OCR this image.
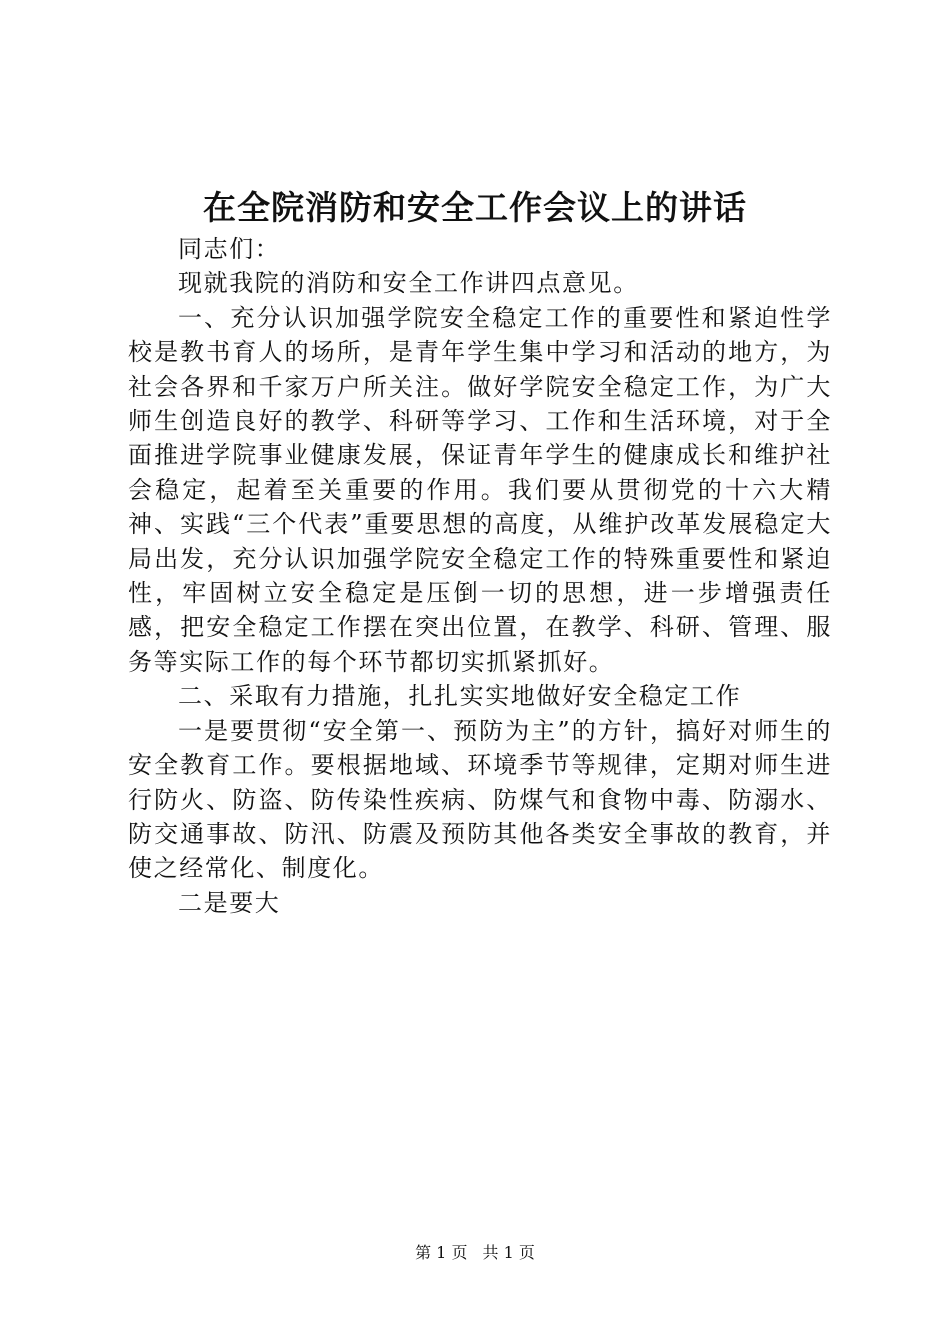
在全院消防和安全工作会议上的讲话

同志们：

现就我院的消防和安全工作讲四点意见。

一、充分认识加强学院安全稳定工作的重要性和紧迫性学校是教书育人的场所，是青年学生集中学习和活动的地方，为社会各界和千家万户所关注。做好学院安全稳定工作，为广大师生创造良好的教学、科研等学习、工作和生活环境，对于全面推进学院事业健康发展，保证青年学生的健康成长和维护社会稳定，起着至关重要的作用。我们要从贯彻党的十六大精神、实践“三个代表”重要思想的高度，从维护改革发展稳定大局出发，充分认识加强学院安全稳定工作的特殊重要性和紧迫性，牢固树立安全稳定是压倒一切的思想，进一步增强责任感，把安全稳定工作摆在突出位置，在教学、科研、管理、服务等实际工作的每个环节都切实抓紧抓好。

二、采取有力措施，扎扎实实地做好安全稳定工作

一是要贯彻“安全第一、预防为主”的方针，搞好对师生的安全教育工作。要根据地域、环境季节等规律，定期对师生进行防火、防盗、防传染性疾病、防煤气和食物中毒、防溺水、防交通事故、防汛、防震及预防其他各类安全事故的教育，并使之经常化、制度化。

二是要大

第 1 页 共 1 页
